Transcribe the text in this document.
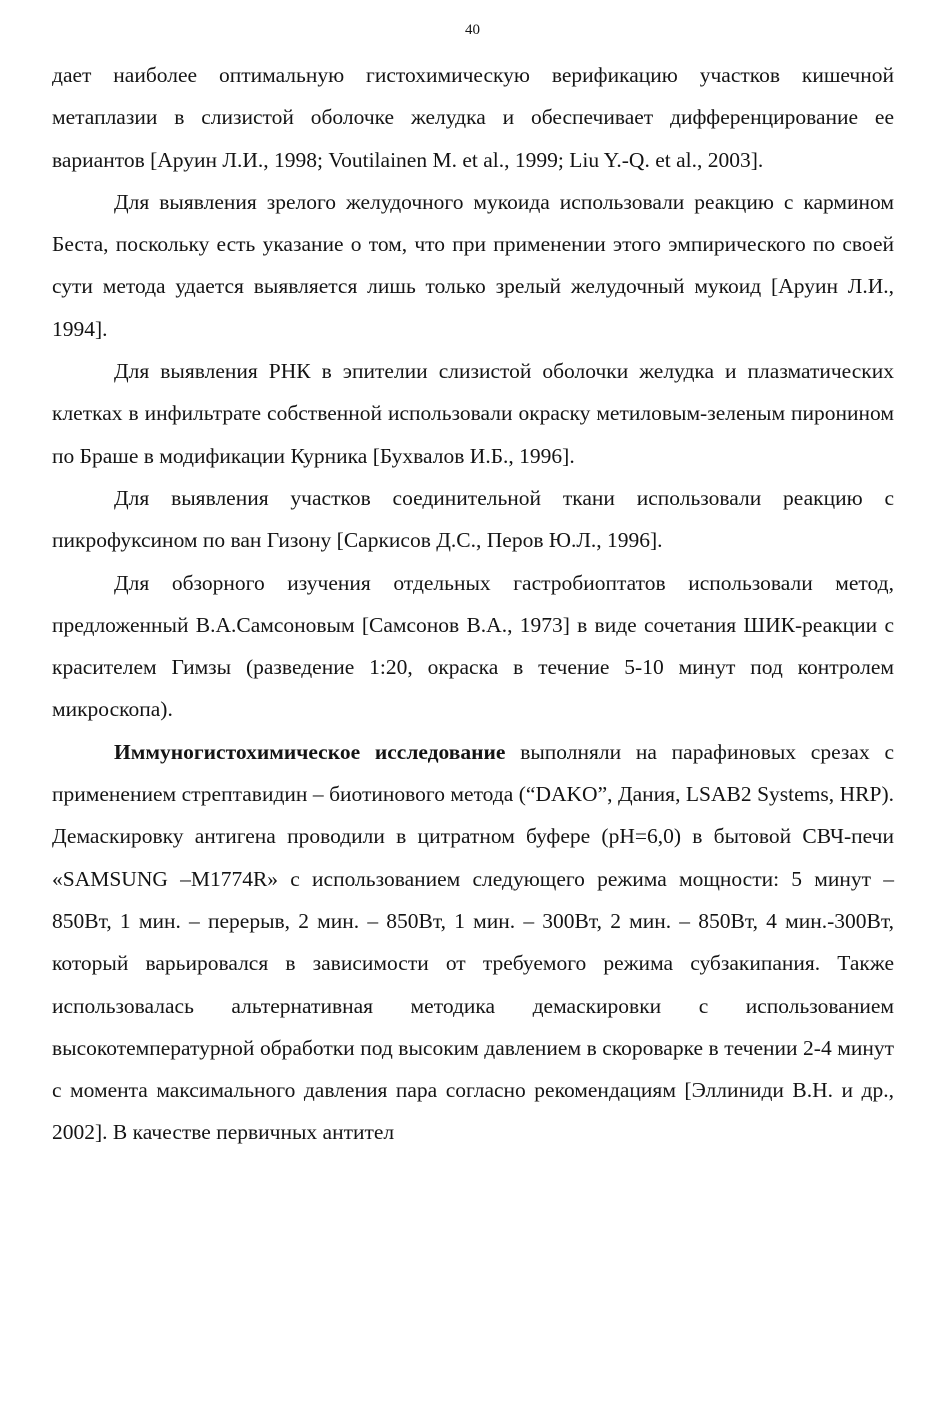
40

дает наиболее оптимальную гистохимическую верификацию участков кишечной метаплазии в слизистой оболочке желудка и обеспечивает дифференцирование ее вариантов [Аруин Л.И., 1998; Voutilainen M. et al., 1999; Liu Y.-Q. et al., 2003].

Для выявления зрелого желудочного мукоида использовали реакцию с кармином Беста, поскольку есть указание о том, что при применении этого эмпирического по своей сути метода удается выявляется лишь только зрелый желудочный мукоид [Аруин Л.И., 1994].

Для выявления РНК в эпителии слизистой оболочки желудка и плазматических клетках в инфильтрате собственной использовали окраску метиловым-зеленым пиронином по Браше в модификации Курника [Бухвалов И.Б., 1996].

Для выявления участков соединительной ткани использовали реакцию с пикрофуксином по ван Гизону [Саркисов Д.С., Перов Ю.Л., 1996].

Для обзорного изучения отдельных гастробиоптатов использовали метод, предложенный В.А.Самсоновым [Самсонов В.А., 1973] в виде сочетания ШИК-реакции с красителем Гимзы (разведение 1:20, окраска в течение 5-10 минут под контролем микроскопа).

Иммуногистохимическое исследование выполняли на парафиновых срезах с применением стрептавидин – биотинового метода (“DAKO”, Дания, LSAB2 Systems, HRP). Демаскировку антигена проводили в цитратном буфере (pH=6,0) в бытовой СВЧ-печи «SAMSUNG –M1774R» с использованием следующего режима мощности: 5 минут – 850Вт, 1 мин. – перерыв, 2 мин. – 850Вт, 1 мин. – 300Вт, 2 мин. – 850Вт, 4 мин.-300Вт, который варьировался в зависимости от требуемого режима субзакипания. Также использовалась альтернативная методика демаскировки с использованием высокотемпературной обработки под высоким давлением в скороварке в течении 2-4 минут с момента максимального давления пара согласно рекомендациям [Эллиниди В.Н. и др., 2002]. В качестве первичных антител
